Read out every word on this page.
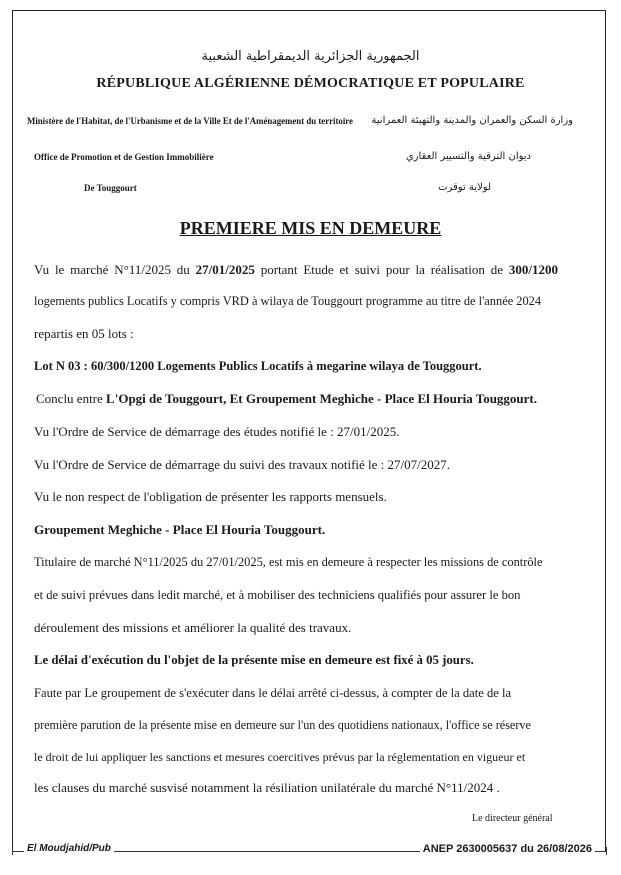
الجمهورية الجزائرية الديمقراطية الشعبية
RÉPUBLIQUE ALGÉRIENNE DÉMOCRATIQUE ET POPULAIRE
Ministère de l'Habitat, de l'Urbanisme et de la Ville Et de l'Aménagement du territoire وزارة السكن والعمران والمدينة والتهيئة العمرانية
Office de Promotion et de Gestion Immobilière	ديوان الترقية والتسيير العقاري
De Touggourt	لولاية توقرت
PREMIERE MIS EN DEMEURE
Vu le marché N°11/2025 du 27/01/2025 portant Etude et suivi pour la réalisation de 300/1200
logements publics Locatifs y compris VRD à wilaya de Touggourt programme au titre de l'année 2024
repartis en 05 lots :
Lot N 03 : 60/300/1200 Logements Publics Locatifs à megarine wilaya de Touggourt.
Conclu entre L'Opgi de Touggourt, Et Groupement Meghiche - Place El Houria Touggourt.
Vu l'Ordre de Service de démarrage des études notifié le : 27/01/2025.
Vu l'Ordre de Service de démarrage du suivi des travaux notifié le : 27/07/2027.
Vu le non respect de l'obligation de présenter les rapports mensuels.
Groupement Meghiche - Place El Houria Touggourt.
Titulaire de marché N°11/2025 du 27/01/2025, est mis en demeure à respecter les missions de contrôle
et de suivi prévues dans ledit marché, et à mobiliser des techniciens qualifiés pour assurer le bon
déroulement des missions et améliorer la qualité des travaux.
Le délai d'exécution du l'objet de la présente mise en demeure est fixé à 05 jours.
Faute par Le groupement de s'exécuter dans le délai arrêté ci-dessus, à compter de la date de la
première parution de la présente mise en demeure sur l'un des quotidiens nationaux, l'office se réserve
le droit de lui appliquer les sanctions et mesures coercitives prévus par la réglementation en vigueur et
les clauses du marché susvisé notamment la résiliation unilatérale du marché N°11/2024 .
Le directeur général
El Moudjahid/Pub	ANEP 2630005637 du 26/08/2026
